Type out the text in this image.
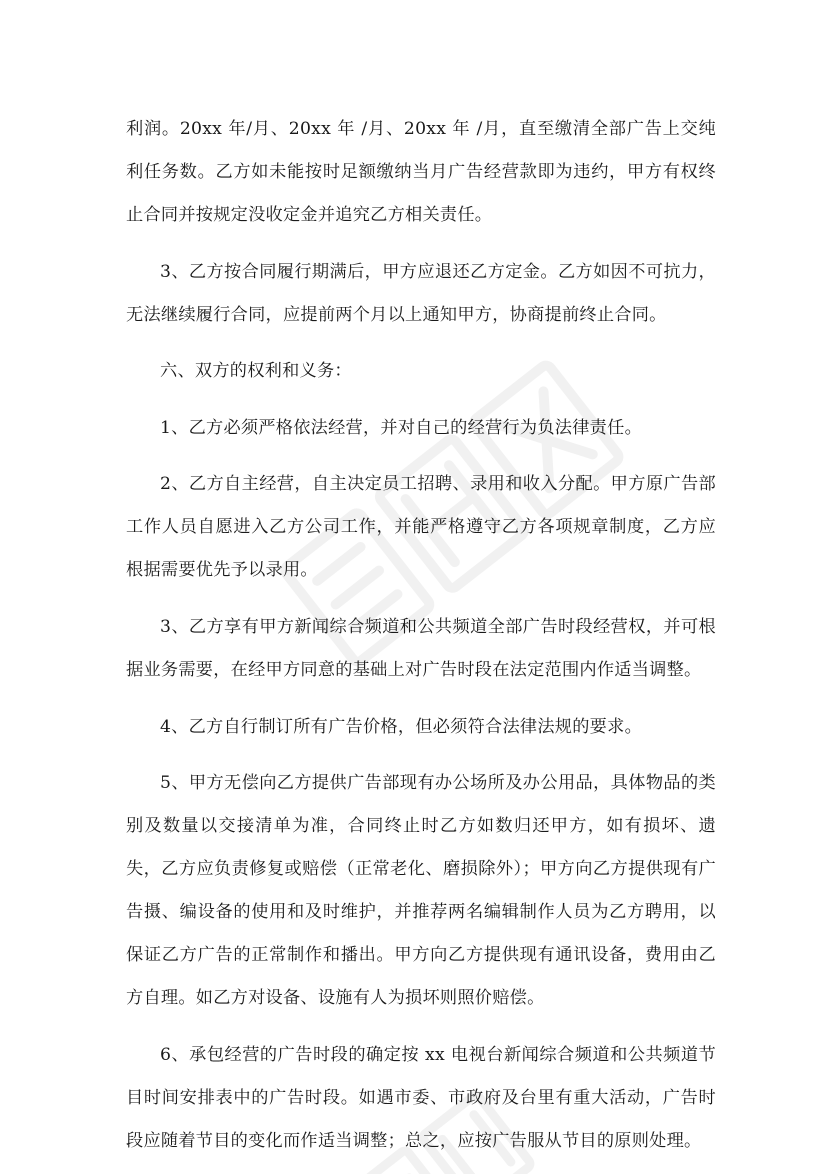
利润。20xx 年/月、20xx 年 /月、20xx 年 /月，直至缴清全部广告上交纯利任务数。乙方如未能按时足额缴纳当月广告经营款即为违约，甲方有权终止合同并按规定没收定金并追究乙方相关责任。

3、乙方按合同履行期满后，甲方应退还乙方定金。乙方如因不可抗力，无法继续履行合同，应提前两个月以上通知甲方，协商提前终止合同。

六、双方的权利和义务：

1、乙方必须严格依法经营，并对自己的经营行为负法律责任。

2、乙方自主经营，自主决定员工招聘、录用和收入分配。甲方原广告部工作人员自愿进入乙方公司工作，并能严格遵守乙方各项规章制度，乙方应根据需要优先予以录用。

3、乙方享有甲方新闻综合频道和公共频道全部广告时段经营权，并可根据业务需要，在经甲方同意的基础上对广告时段在法定范围内作适当调整。

4、乙方自行制订所有广告价格，但必须符合法律法规的要求。

5、甲方无偿向乙方提供广告部现有办公场所及办公用品，具体物品的类别及数量以交接清单为准，合同终止时乙方如数归还甲方，如有损坏、遗失，乙方应负责修复或赔偿（正常老化、磨损除外）；甲方向乙方提供现有广告摄、编设备的使用和及时维护，并推荐两名编辑制作人员为乙方聘用，以保证乙方广告的正常制作和播出。甲方向乙方提供现有通讯设备，费用由乙方自理。如乙方对设备、设施有人为损坏则照价赔偿。

6、承包经营的广告时段的确定按 xx 电视台新闻综合频道和公共频道节目时间安排表中的广告时段。如遇市委、市政府及台里有重大活动，广告时段应随着节目的变化而作适当调整；总之，应按广告服从节目的原则处理。
